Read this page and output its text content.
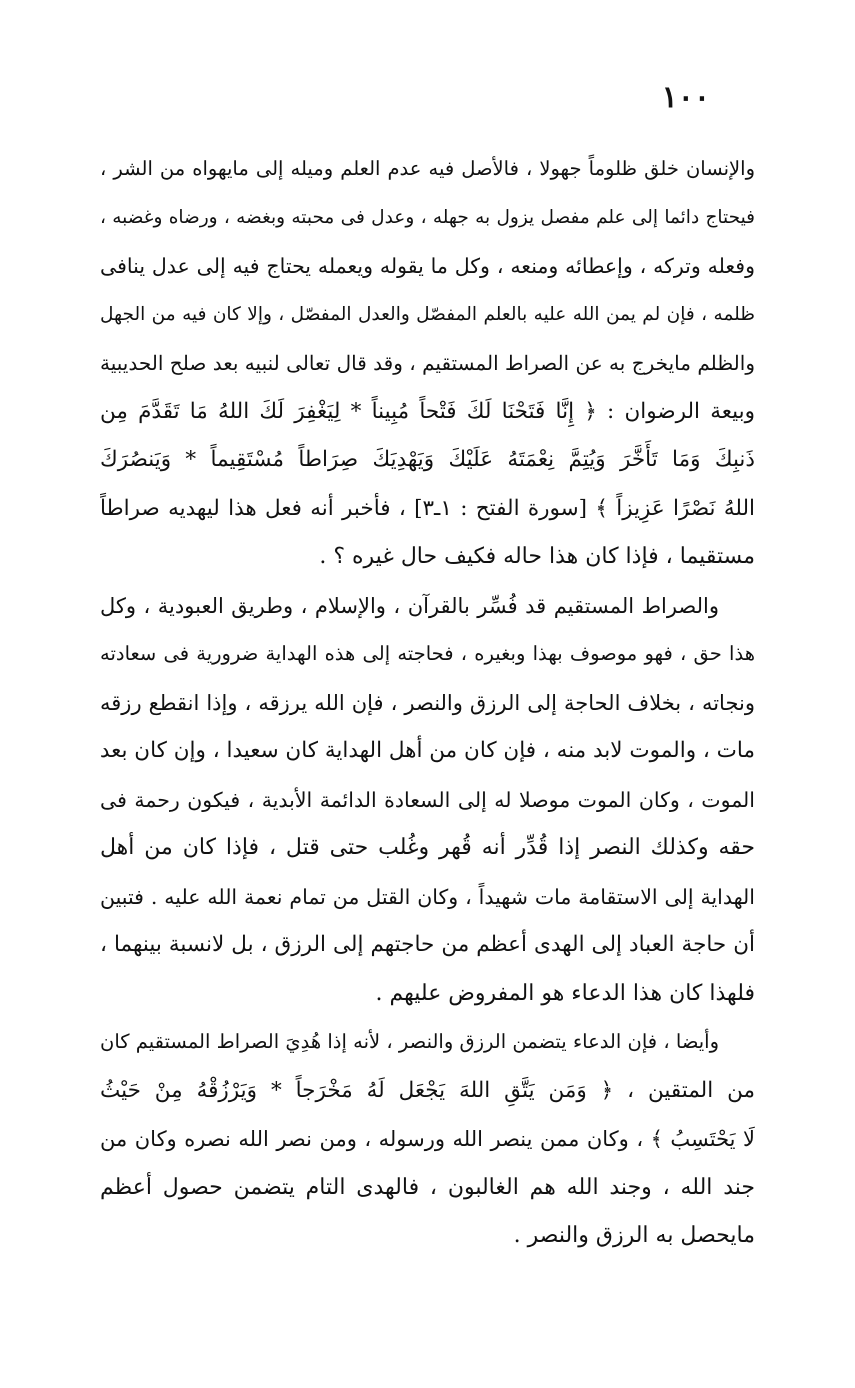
١٠٠
والإنسان خلق ظلوماً جهولا ، فالأصل فيه عدم العلم وميله إلى مايهواه من الشر ،
فيحتاج دائما إلى علم مفصل يزول به جهله ، وعدل فى محبته وبغضه ، ورضاه وغضبه ،
وفعله وتركه ، وإعطائه ومنعه ، وكل ما يقوله ويعمله يحتاج فيه إلى عدل ينافى
ظلمه ، فإن لم يمن الله عليه بالعلم المفصّل والعدل المفصّل ، وإلا كان فيه من الجهل
والظلم مايخرج به عن الصراط المستقيم ، وقد قال تعالى لنبيه بعد صلح الحديبية
وبيعة الرضوان : ﴿ إِنَّا فَتَحْنَا لَكَ فَتْحاً مُبِيناً * لِيَغْفِرَ لَكَ اللهُ مَا تَقَدَّمَ مِن
ذَنبِكَ وَمَا تَأَخَّرَ وَيُتِمَّ نِعْمَتَهُ عَلَيْكَ وَيَهْدِيَكَ صِرَاطاً مُسْتَقِيماً * وَيَنصُرَكَ
اللهُ نَصْرًا عَزِيزاً ﴾ [سورة الفتح : ١ـ٣] ، فأخبر أنه فعل هذا ليهديه صراطاً
مستقيما ، فإذا كان هذا حاله فكيف حال غيره ؟ .
والصراط المستقيم قد فُسِّر بالقرآن ، والإسلام ، وطريق العبودية ، وكل
هذا حق ، فهو موصوف بهذا وبغيره ، فحاجته إلى هذه الهداية ضرورية فى سعادته
ونجاته ، بخلاف الحاجة إلى الرزق والنصر ، فإن الله يرزقه ، وإذا انقطع رزقه
مات ، والموت لابد منه ، فإن كان من أهل الهداية كان سعيدا ، وإن كان بعد
الموت ، وكان الموت موصلا له إلى السعادة الدائمة الأبدية ، فيكون رحمة فى
حقه وكذلك النصر إذا قُدِّر أنه قُهر وغُلب حتى قتل ، فإذا كان من أهل
الهداية إلى الاستقامة مات شهيداً ، وكان القتل من تمام نعمة الله عليه . فتبين
أن حاجة العباد إلى الهدى أعظم من حاجتهم إلى الرزق ، بل لانسبة بينهما ،
فلهذا كان هذا الدعاء هو المفروض عليهم .
وأيضا ، فإن الدعاء يتضمن الرزق والنصر ، لأنه إذا هُدِيَ الصراط المستقيم كان
من المتقين ، ﴿ وَمَن يَتَّقِ اللهَ يَجْعَل لَهُ مَخْرَجاً * وَيَرْزُقْهُ مِنْ حَيْثُ
لَا يَحْتَسِبُ ﴾ ، وكان ممن ينصر الله ورسوله ، ومن نصر الله نصره وكان من
جند الله ، وجند الله هم الغالبون ، فالهدى التام يتضمن حصول أعظم
مايحصل به الرزق والنصر .
